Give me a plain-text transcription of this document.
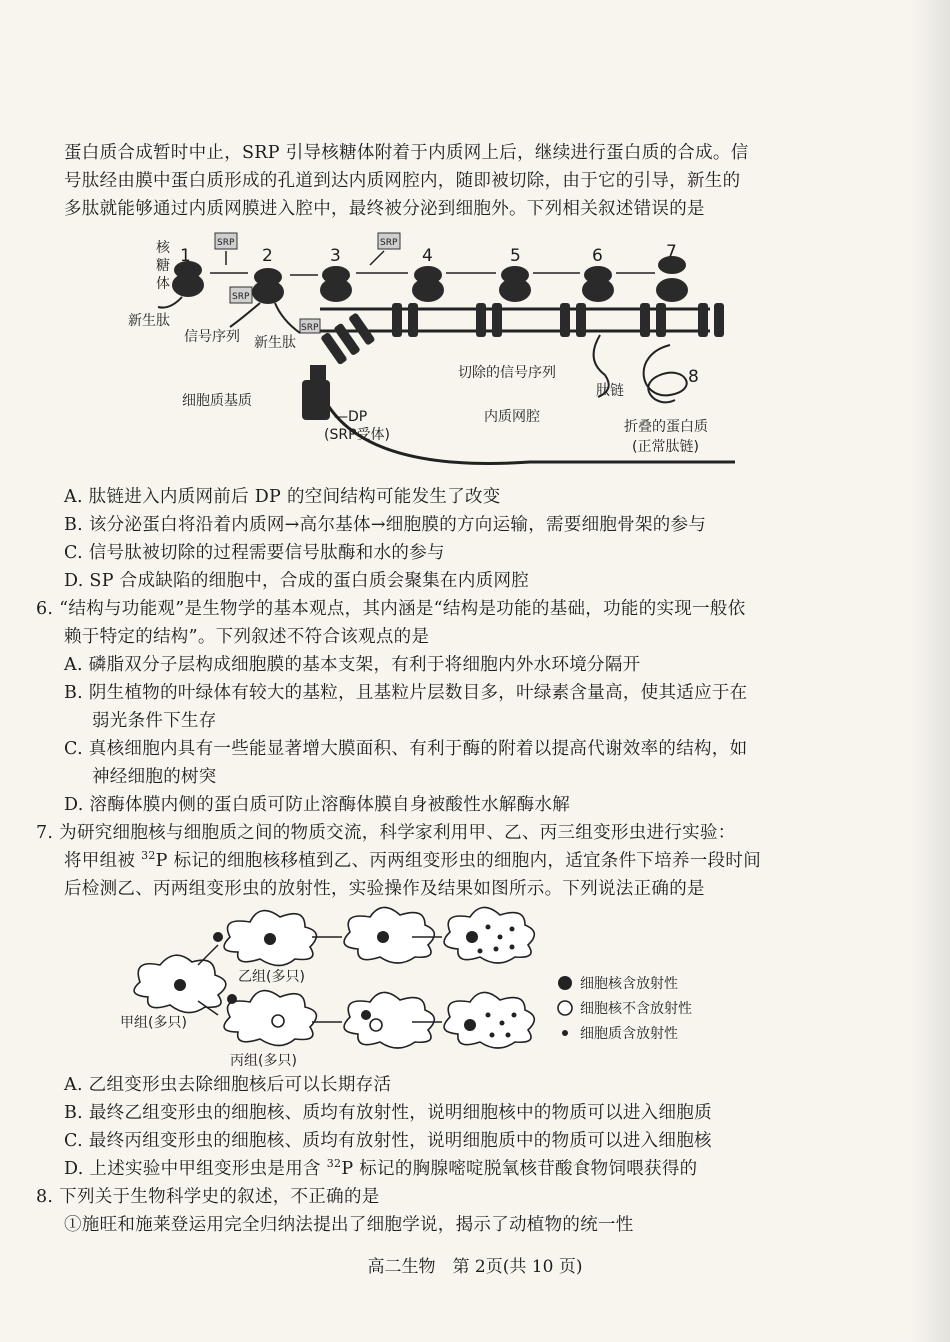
蛋白质合成暂时中止，SRP 引导核糖体附着于内质网上后，继续进行蛋白质的合成。信
号肽经由膜中蛋白质形成的孔道到达内质网腔内，随即被切除，由于它的引导，新生的
多肽就能够通过内质网膜进入腔中，最终被分泌到细胞外。下列相关叙述错误的是
1	2	3	4	5	6	7
8
SRP
SRP
SRP
SRP
核
糖
体
新生肽
信号序列 新生肽
切除的信号序列
肽链
细胞质基质
—DP
(SRP受体)
内质网腔
折叠的蛋白质
(正常肽链)
A. 肽链进入内质网前后 DP 的空间结构可能发生了改变
B. 该分泌蛋白将沿着内质网→高尔基体→细胞膜的方向运输，需要细胞骨架的参与
C. 信号肽被切除的过程需要信号肽酶和水的参与
D. SP 合成缺陷的细胞中，合成的蛋白质会聚集在内质网腔
6. “结构与功能观”是生物学的基本观点，其内涵是“结构是功能的基础，功能的实现一般依
赖于特定的结构”。下列叙述不符合该观点的是
A. 磷脂双分子层构成细胞膜的基本支架，有利于将细胞内外水环境分隔开
B. 阴生植物的叶绿体有较大的基粒，且基粒片层数目多，叶绿素含量高，使其适应于在
弱光条件下生存
C. 真核细胞内具有一些能显著增大膜面积、有利于酶的附着以提高代谢效率的结构，如
神经细胞的树突
D. 溶酶体膜内侧的蛋白质可防止溶酶体膜自身被酸性水解酶水解
7. 为研究细胞核与细胞质之间的物质交流，科学家利用甲、乙、丙三组变形虫进行实验：
将甲组被 $^{32}$P 标记的细胞核移植到乙、丙两组变形虫的细胞内，适宜条件下培养一段时间
后检测乙、丙两组变形虫的放射性，实验操作及结果如图所示。下列说法正确的是
乙组(多只)
甲组(多只)
丙组(多只)
细胞核含放射性
细胞核不含放射性
细胞质含放射性
A. 乙组变形虫去除细胞核后可以长期存活
B. 最终乙组变形虫的细胞核、质均有放射性，说明细胞核中的物质可以进入细胞质
C. 最终丙组变形虫的细胞核、质均有放射性，说明细胞质中的物质可以进入细胞核
D. 上述实验中甲组变形虫是用含 $^{32}$P 标记的胸腺嘧啶脱氧核苷酸食物饲喂获得的
8. 下列关于生物科学史的叙述，不正确的是
①施旺和施莱登运用完全归纳法提出了细胞学说，揭示了动植物的统一性
高二生物　第 2页(共 10 页)
